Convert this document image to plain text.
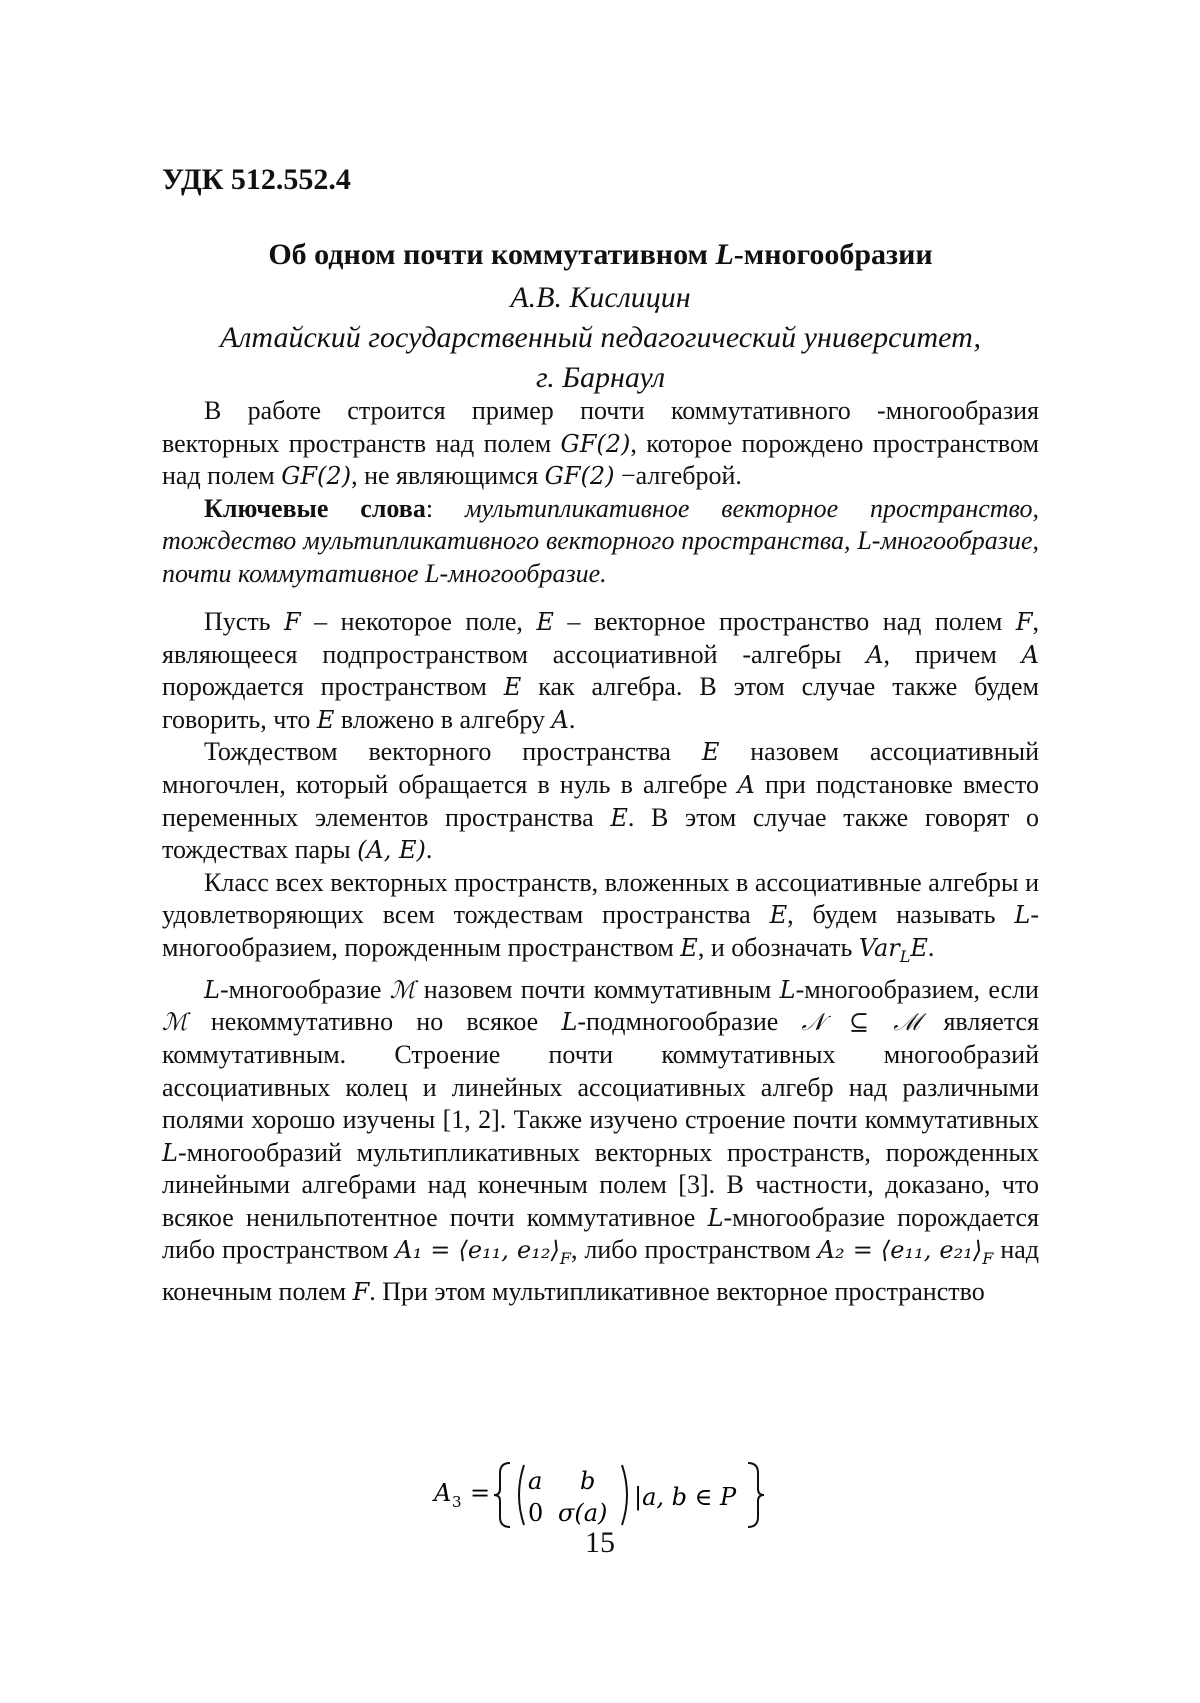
УДК 512.552.4
Об одном почти коммутативном L-многообразии
А.В. Кислицин
Алтайский государственный педагогический университет,
г. Барнаул

В работе строится пример почти коммутативного -многообразия векторных пространств над полем GF(2), которое порождено пространством над полем GF(2), не являющимся GF(2) −алгеброй.

Ключевые слова: мультипликативное векторное пространство, тождество мультипликативного векторного пространства, L-многообразие, почти коммутативное L-многообразие.

Пусть F – некоторое поле, E – векторное пространство над полем F, являющееся подпространством ассоциативной -алгебры A, причем A порождается пространством E как алгебра. В этом случае также будем говорить, что E вложено в алгебру A.

Тождеством векторного пространства E назовем ассоциативный многочлен, который обращается в нуль в алгебре A при подстановке вместо переменных элементов пространства E. В этом случае также говорят о тождествах пары (A, E).

Класс всех векторных пространств, вложенных в ассоциативные алгебры и удовлетворяющих всем тождествам пространства E, будем называть L-многообразием, порожденным пространством E, и обозначать Var$_L$E.

L-многообразие ℳ назовем почти коммутативным L-многообразием, если ℳ некоммутативно но всякое L-подмногообразие 𝒩 ⊆ ℳ является коммутативным. Строение почти коммутативных многообразий ассоциативных колец и линейных ассоциативных алгебр над различными полями хорошо изучены [1, 2]. Также изучено строение почти коммутативных L-многообразий мультипликативных векторных пространств, порожденных линейными алгебрами над конечным полем [3]. В частности, доказано, что всякое ненильпотентное почти коммутативное L-многообразие порождается либо пространством A₁ = ⟨e₁₁, $e_{12}⟩_F$, либо пространством A₂ = ⟨e₁₁, $e_{21}⟩_F$ над конечным полем F. При этом мультипликативное векторное пространство

A 3 = a b
0 σ(a)
|a, b ∈ P
15
